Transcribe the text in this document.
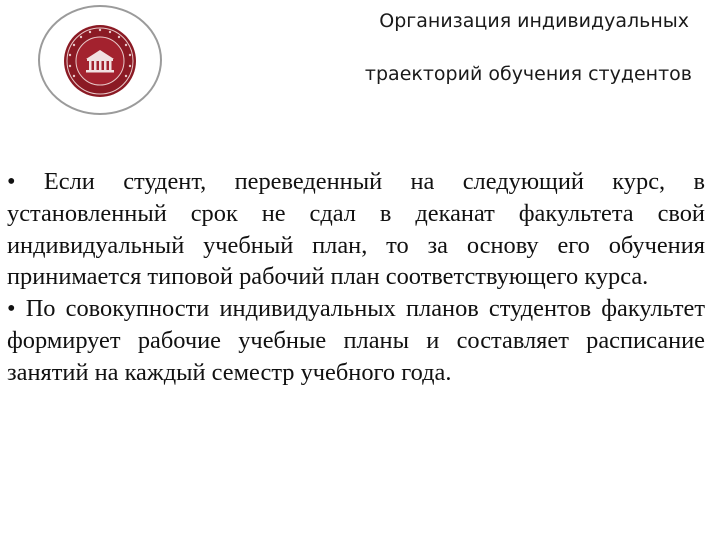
Организация индивидуальных
траекторий обучения студентов

• Если студент, переведенный на следующий курс, в установленный срок не сдал в деканат факультета свой индивидуальный учебный план, то за основу его обучения принимается типовой рабочий план соответствующего курса.

• По совокупности индивидуальных планов студентов факультет формирует рабочие учебные планы и составляет расписание занятий на каждый семестр учебного года.
